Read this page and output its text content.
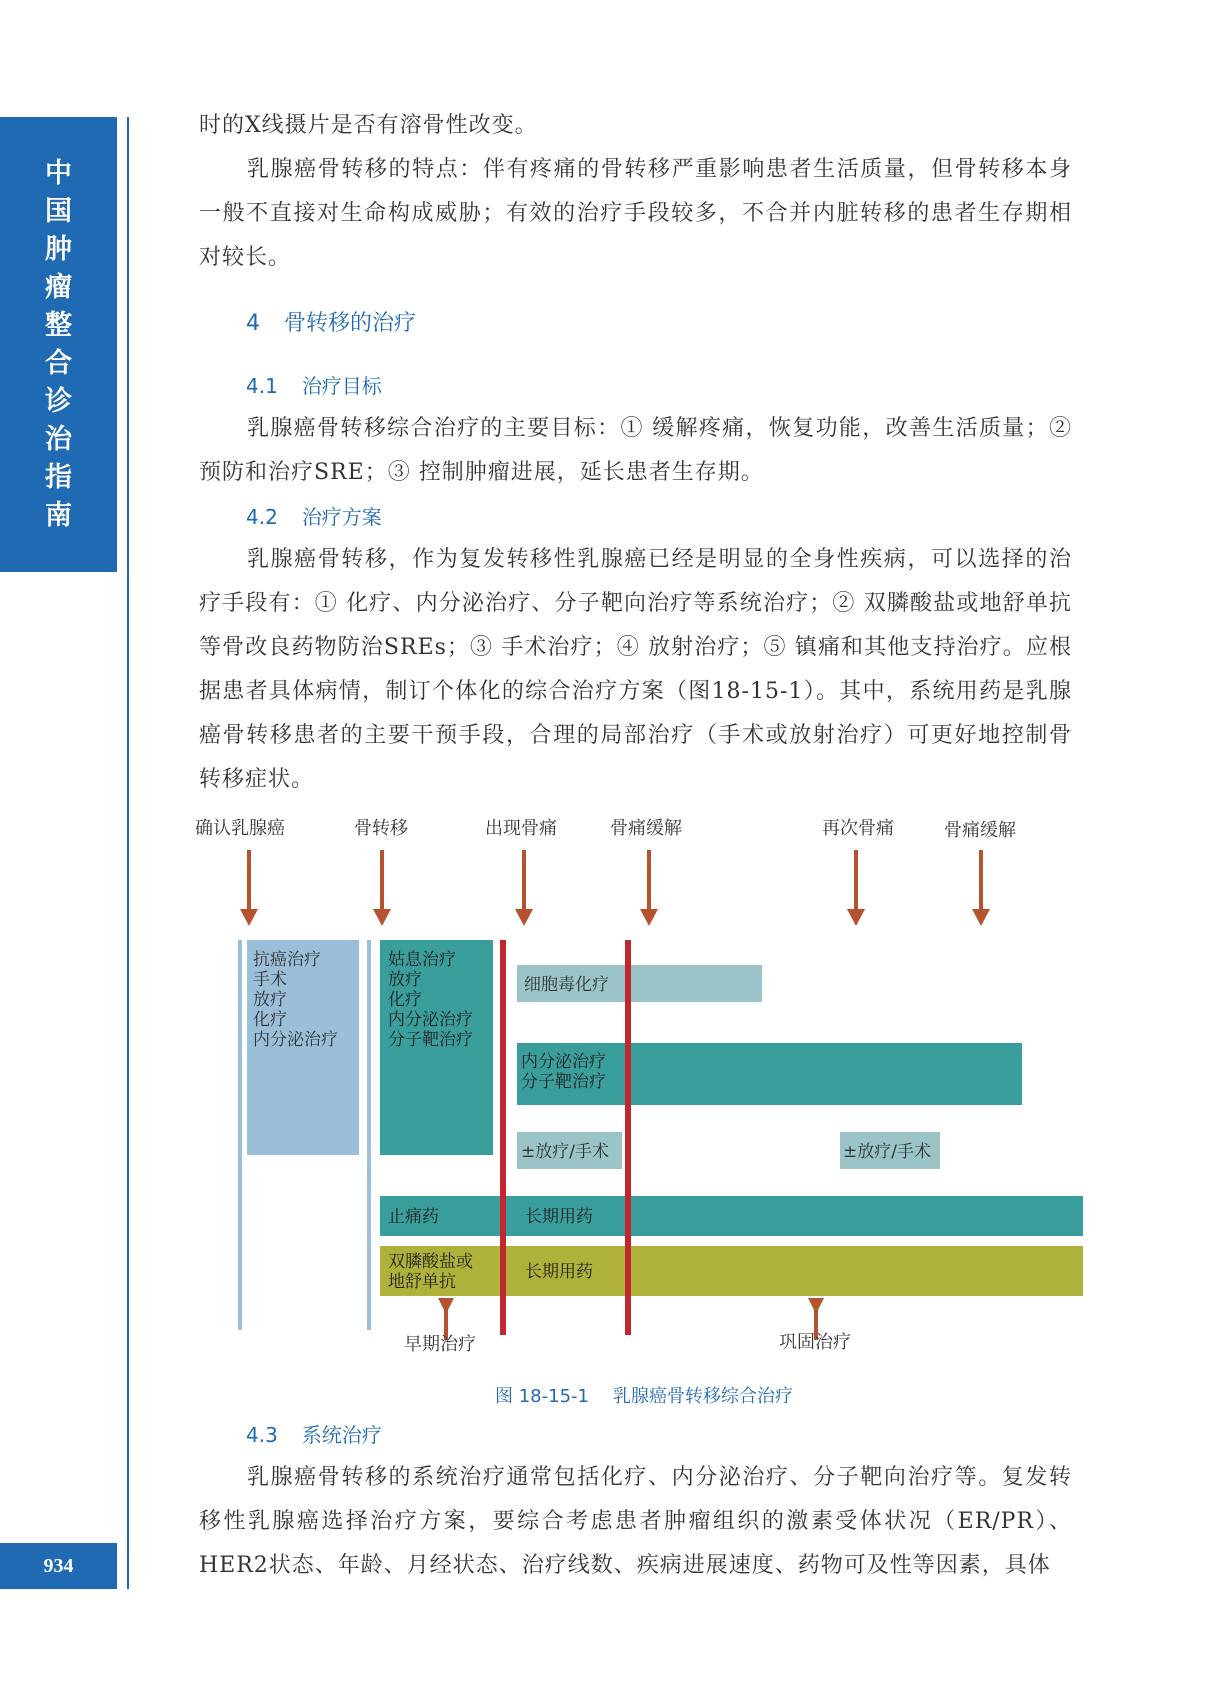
中
国
肿
瘤
整
合
诊
治
指
南
934
时的X线摄片是否有溶骨性改变。
乳腺癌骨转移的特点：伴有疼痛的骨转移严重影响患者生活质量，但骨转移本身一般不直接对生命构成威胁；有效的治疗手段较多，不合并内脏转移的患者生存期相对较长。
4 骨转移的治疗
4.1 治疗目标
乳腺癌骨转移综合治疗的主要目标：① 缓解疼痛，恢复功能，改善生活质量；② 预防和治疗SRE；③ 控制肿瘤进展，延长患者生存期。
4.2 治疗方案
乳腺癌骨转移，作为复发转移性乳腺癌已经是明显的全身性疾病，可以选择的治疗手段有：① 化疗、内分泌治疗、分子靶向治疗等系统治疗；② 双膦酸盐或地舒单抗等骨改良药物防治SREs；③ 手术治疗；④ 放射治疗；⑤ 镇痛和其他支持治疗。应根据患者具体病情，制订个体化的综合治疗方案（图18-15-1）。其中，系统用药是乳腺癌骨转移患者的主要干预手段，合理的局部治疗（手术或放射治疗）可更好地控制骨转移症状。
确认乳腺癌	骨转移	出现骨痛	骨痛缓解	再次骨痛	骨痛缓解
抗癌治疗
手术
放疗
化疗
内分泌治疗
姑息治疗
放疗
化疗
内分泌治疗
分子靶治疗
细胞毒化疗
内分泌治疗
分子靶治疗
±放疗/手术	±放疗/手术
止痛药	长期用药
双膦酸盐或
地舒单抗	长期用药
早期治疗	巩固治疗
图 18-15-1 乳腺癌骨转移综合治疗
4.3 系统治疗
乳腺癌骨转移的系统治疗通常包括化疗、内分泌治疗、分子靶向治疗等。复发转移性乳腺癌选择治疗方案，要综合考虑患者肿瘤组织的激素受体状况（ER/PR）、HER2状态、年龄、月经状态、治疗线数、疾病进展速度、药物可及性等因素，具体
